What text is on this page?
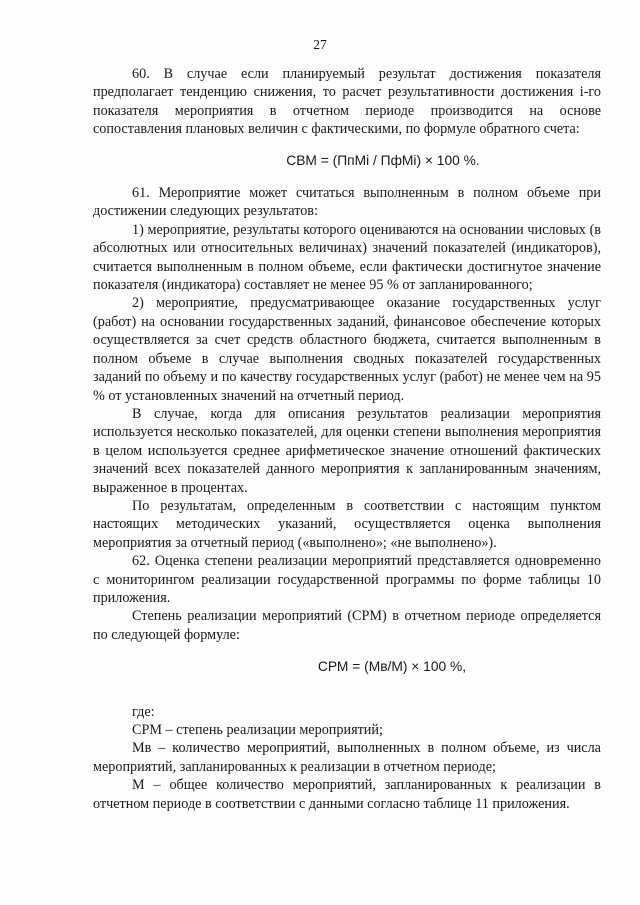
27

60. В случае если планируемый результат достижения показателя предполагает тенденцию снижения, то расчет результативности достижения i-го показателя мероприятия в отчетном периоде производится на основе сопоставления плановых величин с фактическими, по формуле обратного счета:

СВМ = (ПпМi / ПфМi) × 100 %.

61. Мероприятие может считаться выполненным в полном объеме при достижении следующих результатов:

1) мероприятие, результаты которого оцениваются на основании числовых (в абсолютных или относительных величинах) значений показателей (индикаторов), считается выполненным в полном объеме, если фактически достигнутое значение показателя (индикатора) составляет не менее 95 % от запланированного;

2) мероприятие, предусматривающее оказание государственных услуг (работ) на основании государственных заданий, финансовое обеспечение которых осуществляется за счет средств областного бюджета, считается выполненным в полном объеме в случае выполнения сводных показателей государственных заданий по объему и по качеству государственных услуг (работ) не менее чем на 95 % от установленных значений на отчетный период.

В случае, когда для описания результатов реализации мероприятия используется несколько показателей, для оценки степени выполнения мероприятия в целом используется среднее арифметическое значение отношений фактических значений всех показателей данного мероприятия к запланированным значениям, выраженное в процентах.

По результатам, определенным в соответствии с настоящим пунктом настоящих методических указаний, осуществляется оценка выполнения мероприятия за отчетный период («выполнено»; «не выполнено»).

62. Оценка степени реализации мероприятий представляется одновременно с мониторингом реализации государственной программы по форме таблицы 10 приложения.

Степень реализации мероприятий (СРМ) в отчетном периоде определяется по следующей формуле:

СРМ = (Мв/М) × 100 %,

где:

СРМ – степень реализации мероприятий;

Мв – количество мероприятий, выполненных в полном объеме, из числа мероприятий, запланированных к реализации в отчетном периоде;

М – общее количество мероприятий, запланированных к реализации в отчетном периоде в соответствии с данными согласно таблице 11 приложения.
